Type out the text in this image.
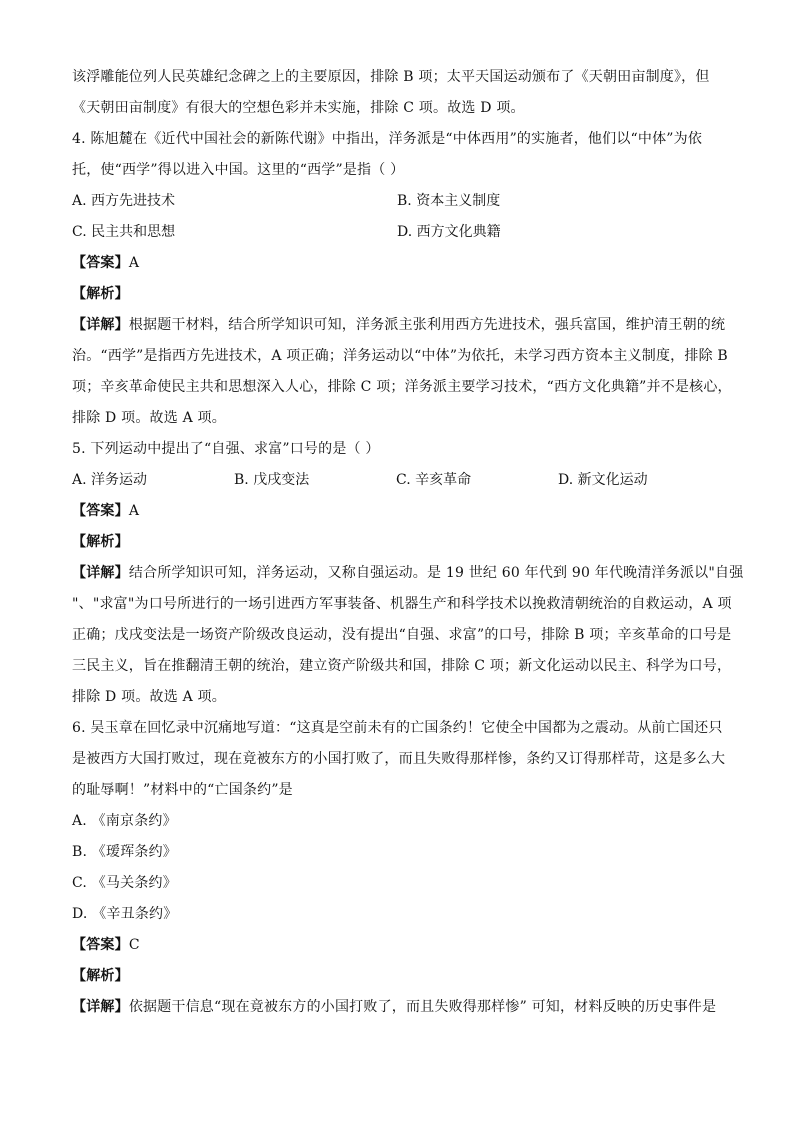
该浮雕能位列人民英雄纪念碑之上的主要原因，排除 B 项；太平天国运动颁布了《天朝田亩制度》，但
《天朝田亩制度》有很大的空想色彩并未实施，排除 C 项。故选 D 项。
4. 陈旭麓在《近代中国社会的新陈代谢》中指出，洋务派是“中体西用”的实施者，他们以“中体”为依
托，使“西学”得以进入中国。这里的“西学”是指（ ）
A. 西方先进技术	B. 资本主义制度
C. 民主共和思想	D. 西方文化典籍
【答案】A
【解析】
【详解】根据题干材料，结合所学知识可知，洋务派主张利用西方先进技术，强兵富国，维护清王朝的统
治。“西学”是指西方先进技术，A 项正确；洋务运动以“中体”为依托，未学习西方资本主义制度，排除 B
项；辛亥革命使民主共和思想深入人心，排除 C 项；洋务派主要学习技术，“西方文化典籍”并不是核心，
排除 D 项。故选 A 项。
5. 下列运动中提出了“自强、求富”口号的是（ ）
A. 洋务运动	B. 戊戌变法	C. 辛亥革命	D. 新文化运动
【答案】A
【解析】
【详解】结合所学知识可知，洋务运动，又称自强运动。是 19 世纪 60 年代到 90 年代晚清洋务派以"自强
"、"求富"为口号所进行的一场引进西方军事装备、机器生产和科学技术以挽救清朝统治的自救运动，A 项
正确；戊戌变法是一场资产阶级改良运动，没有提出“自强、求富”的口号，排除 B 项；辛亥革命的口号是
三民主义，旨在推翻清王朝的统治，建立资产阶级共和国，排除 C 项；新文化运动以民主、科学为口号，
排除 D 项。故选 A 项。
6. 吴玉章在回忆录中沉痛地写道：“这真是空前未有的亡国条约！它使全中国都为之震动。从前亡国还只
是被西方大国打败过，现在竟被东方的小国打败了，而且失败得那样惨，条约又订得那样苛，这是多么大
的耻辱啊！”材料中的“亡国条约”是
A. 《南京条约》
B. 《瑷珲条约》
C. 《马关条约》
D. 《辛丑条约》
【答案】C
【解析】
【详解】依据题干信息“现在竟被东方的小国打败了，而且失败得那样惨” 可知，材料反映的历史事件是
